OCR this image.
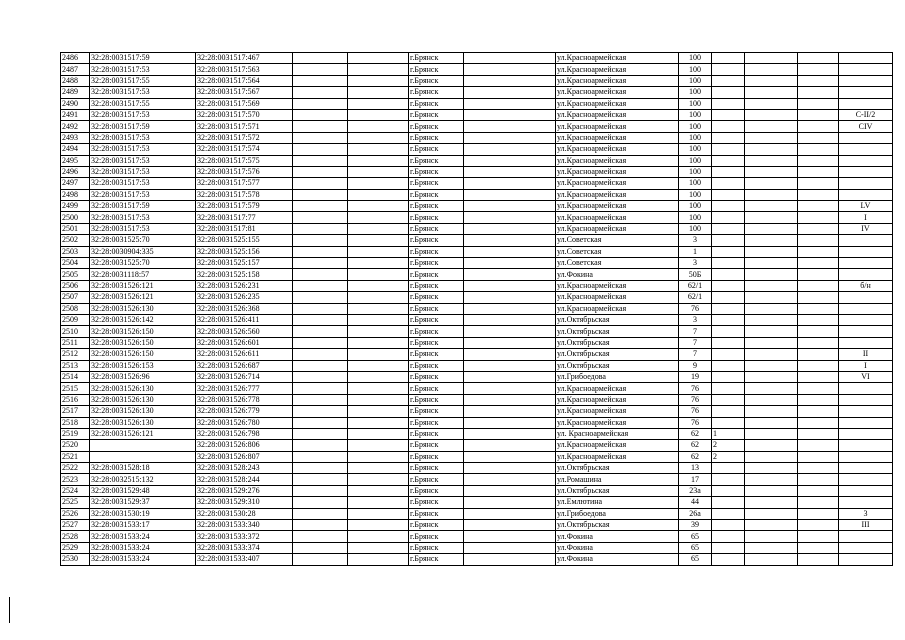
2486	32:28:0031517:59	32:28:0031517:467			г.Брянск		ул.Красноармейская	100				
2487	32:28:0031517:53	32:28:0031517:563			г.Брянск		ул.Красноармейская	100				
2488	32:28:0031517:55	32:28:0031517:564			г.Брянск		ул.Красноармейская	100				
2489	32:28:0031517:53	32:28:0031517:567			г.Брянск		ул.Красноармейская	100				
2490	32:28:0031517:55	32:28:0031517:569			г.Брянск		ул.Красноармейская	100				
2491	32:28:0031517:53	32:28:0031517:570			г.Брянск		ул.Красноармейская	100				С-II/2
2492	32:28:0031517:59	32:28:0031517:571			г.Брянск		ул.Красноармейская	100				CIV
2493	32:28:0031517:53	32:28:0031517:572			г.Брянск		ул.Красноармейская	100				
2494	32:28:0031517:53	32:28:0031517:574			г.Брянск		ул.Красноармейская	100				
2495	32:28:0031517:53	32:28:0031517:575			г.Брянск		ул.Красноармейская	100				
2496	32:28:0031517:53	32:28:0031517:576			г.Брянск		ул.Красноармейская	100				
2497	32:28:0031517:53	32:28:0031517:577			г.Брянск		ул.Красноармейская	100				
2498	32:28:0031517:53	32:28:0031517:578			г.Брянск		ул.Красноармейская	100				
2499	32:28:0031517:59	32:28:0031517:579			г.Брянск		ул.Красноармейская	100				LV
2500	32:28:0031517:53	32:28:0031517:77			г.Брянск		ул.Красноармейская	100				I
2501	32:28:0031517:53	32:28:0031517:81			г.Брянск		ул.Красноармейская	100				IV
2502	32:28:0031525:70	32:28:0031525:155			г.Брянск		ул.Советская	3				
2503	32:28:0030904:335	32:28:0031525:156			г.Брянск		ул.Советская	1				
2504	32:28:0031525:70	32:28:0031525:157			г.Брянск		ул.Советская	3				
2505	32:28:0031118:57	32:28:0031525:158			г.Брянск		ул.Фокина	50Б				
2506	32:28:0031526:121	32:28:0031526:231			г.Брянск		ул.Красноармейская	62/1				б/н
2507	32:28:0031526:121	32:28:0031526:235			г.Брянск		ул.Красноармейская	62/1				
2508	32:28:0031526:130	32:28:0031526:368			г.Брянск		ул.Красноармейская	76				
2509	32:28:0031526:142	32:28:0031526:411			г.Брянск		ул.Октябрьская	3				
2510	32:28:0031526:150	32:28:0031526:560			г.Брянск		ул.Октябрьская	7				
2511	32:28:0031526:150	32:28:0031526:601			г.Брянск		ул.Октябрьская	7				
2512	32:28:0031526:150	32:28:0031526:611			г.Брянск		ул.Октябрьская	7				II
2513	32:28:0031526:153	32:28:0031526:687			г.Брянск		ул.Октябрьская	9				I
2514	32:28:0031526:96	32:28:0031526:714			г.Брянск		ул.Грибоедова	19				VI
2515	32:28:0031526:130	32:28:0031526:777			г.Брянск		ул.Красноармейская	76				
2516	32:28:0031526:130	32:28:0031526:778			г.Брянск		ул.Красноармейская	76				
2517	32:28:0031526:130	32:28:0031526:779			г.Брянск		ул.Красноармейская	76				
2518	32:28:0031526:130	32:28:0031526:780			г.Брянск		ул.Красноармейская	76				
2519	32:28:0031526:121	32:28:0031526:798			г.Брянск		ул. Красноармейская	62	1			
2520		32:28:0031526:806			г.Брянск		ул.Красноармейская	62	2			
2521		32:28:0031526:807			г.Брянск		ул.Красноармейская	62	2			
2522	32:28:0031528:18	32:28:0031528:243			г.Брянск		ул.Октябрьская	13				
2523	32:28:0032515:132	32:28:0031528:244			г.Брянск		ул.Ромашина	17				
2524	32:28:0031529:48	32:28:0031529:276			г.Брянск		ул.Октябрьская	23а				
2525	32:28:0031529:37	32:28:0031529:310			г.Брянск		ул.Емлютина	44				
2526	32:28:0031530:19	32:28:0031530:28			г.Брянск		ул.Грибоедова	26а				3
2527	32:28:0031533:17	32:28:0031533:340			г.Брянск		ул.Октябрьская	39				III
2528	32:28:0031533:24	32:28:0031533:372			г.Брянск		ул.Фокина	65				
2529	32:28:0031533:24	32:28:0031533:374			г.Брянск		ул.Фокина	65				
2530	32:28:0031533:24	32:28:0031533:407			г.Брянск		ул.Фокина	65				
